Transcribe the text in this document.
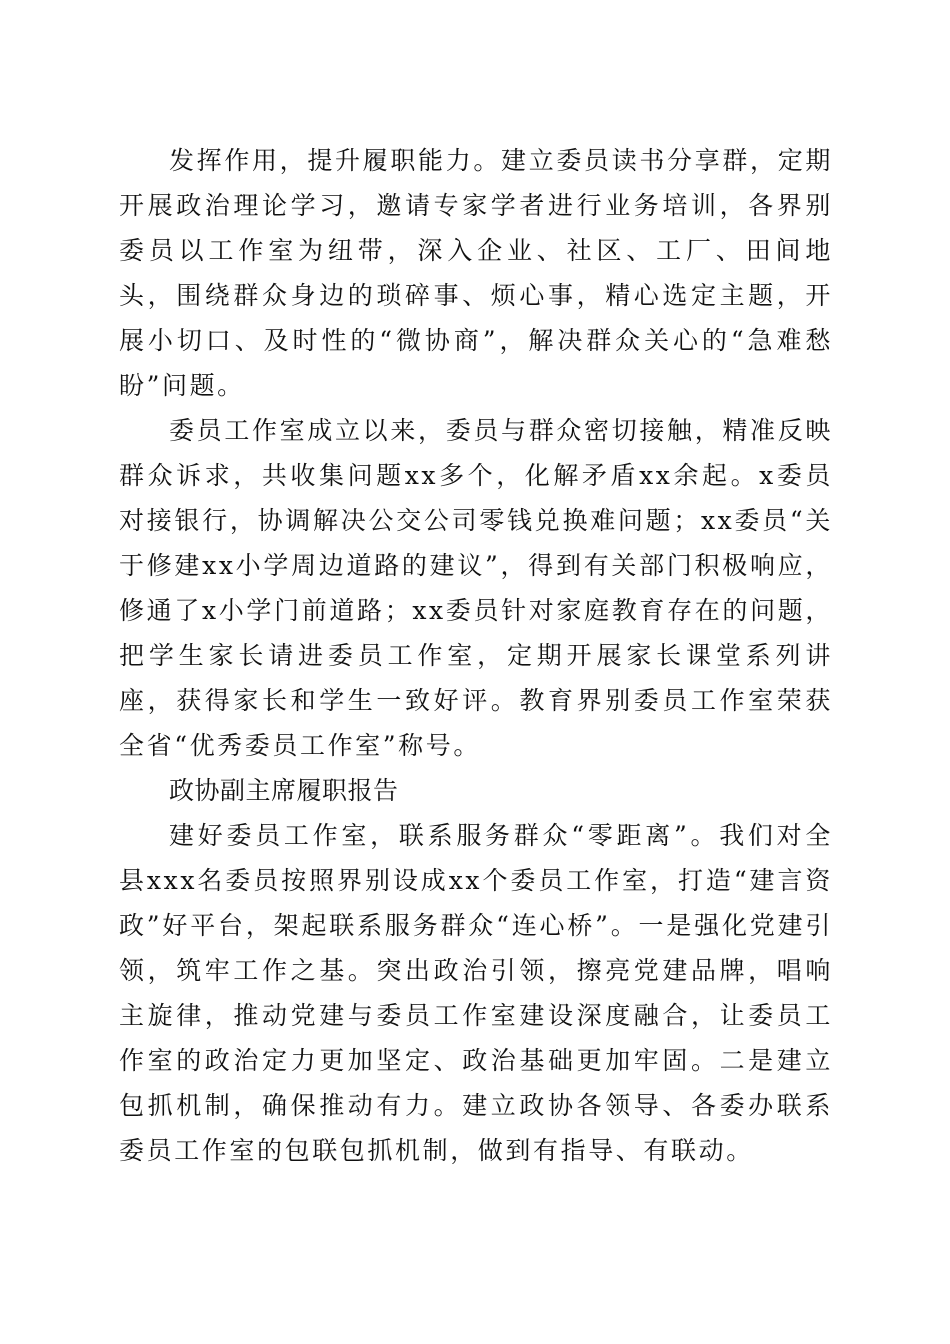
发挥作用，提升履职能力。建立委员读书分享群，定期开展政治理论学习，邀请专家学者进行业务培训，各界别委员以工作室为纽带，深入企业、社区、工厂、田间地头，围绕群众身边的琐碎事、烦心事，精心选定主题，开展小切口、及时性的“微协商”，解决群众关心的“急难愁盼”问题。

委员工作室成立以来，委员与群众密切接触，精准反映群众诉求，共收集问题xx多个，化解矛盾xx余起。x委员对接银行，协调解决公交公司零钱兑换难问题；xx委员“关于修建xx小学周边道路的建议”，得到有关部门积极响应，修通了x小学门前道路；xx委员针对家庭教育存在的问题，把学生家长请进委员工作室，定期开展家长课堂系列讲座，获得家长和学生一致好评。教育界别委员工作室荣获全省“优秀委员工作室”称号。

政协副主席履职报告

建好委员工作室，联系服务群众“零距离”。我们对全县xxx名委员按照界别设成xx个委员工作室，打造“建言资政”好平台，架起联系服务群众“连心桥”。一是强化党建引领，筑牢工作之基。突出政治引领，擦亮党建品牌，唱响主旋律，推动党建与委员工作室建设深度融合，让委员工作室的政治定力更加坚定、政治基础更加牢固。二是建立包抓机制，确保推动有力。建立政协各领导、各委办联系委员工作室的包联包抓机制，做到有指导、有联动。
